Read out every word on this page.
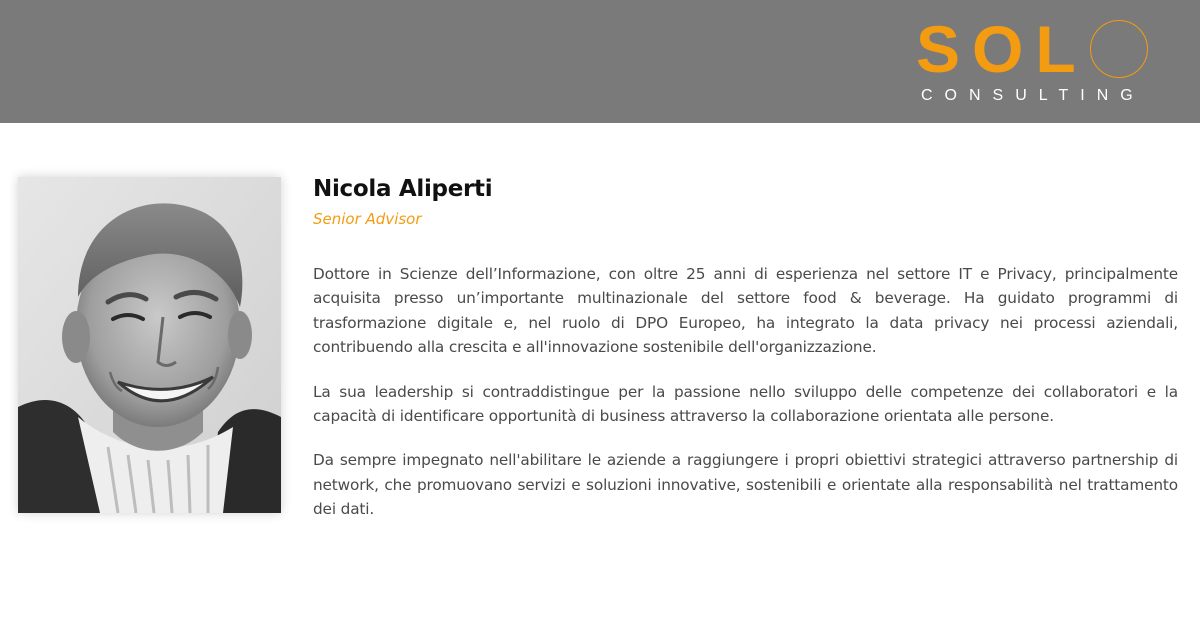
S O L
CONSULTING
Nicola Aliperti
Senior Advisor

Dottore in Scienze dell’Informazione, con oltre 25 anni di esperienza nel settore IT e Privacy, principalmente acquisita presso un’importante multinazionale del settore food & beverage. Ha guidato programmi di trasformazione digitale e, nel ruolo di DPO Europeo, ha integrato la data privacy nei processi aziendali, contribuendo alla crescita e all'innovazione sostenibile dell'organizzazione.

La sua leadership si contraddistingue per la passione nello sviluppo delle competenze dei collaboratori e la capacità di identificare opportunità di business attraverso la collaborazione orientata alle persone.

Da sempre impegnato nell'abilitare le aziende a raggiungere i propri obiettivi strategici attraverso partnership di network, che promuovano servizi e soluzioni innovative, sostenibili e orientate alla responsabilità nel trattamento dei dati.
